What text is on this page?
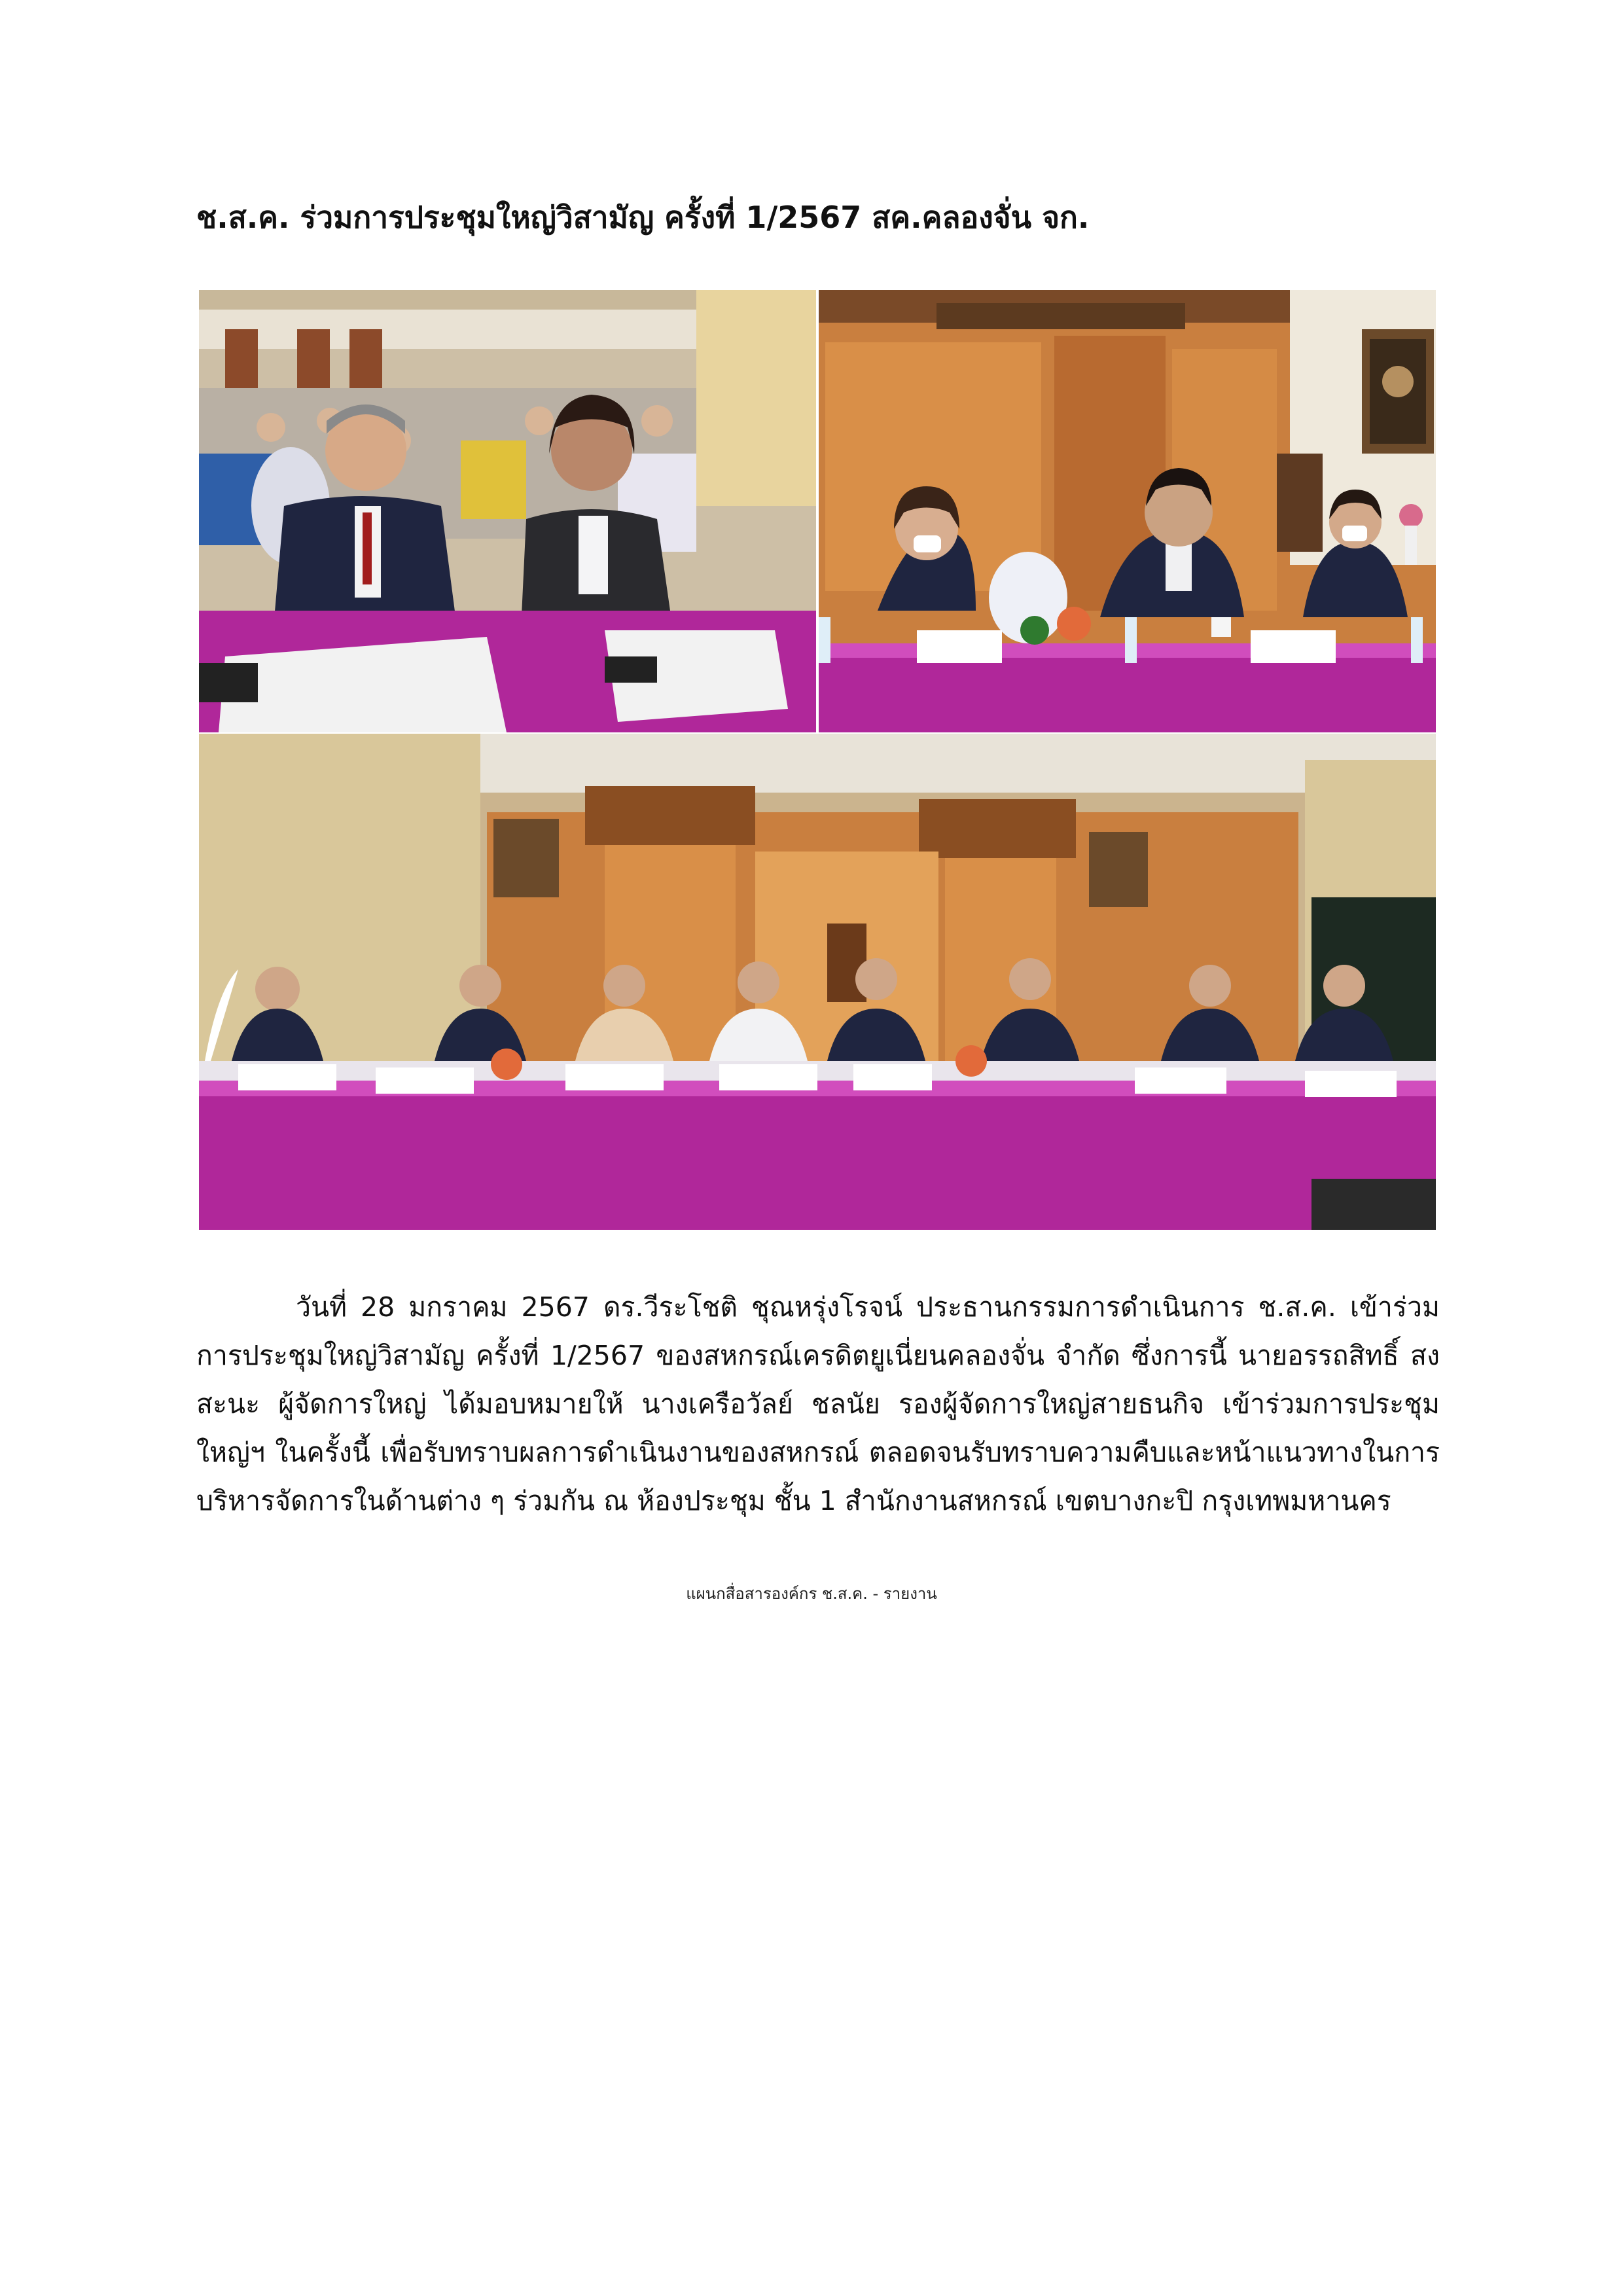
ช.ส.ค. ร่วมการประชุมใหญ่วิสามัญ ครั้งที่ 1/2567 สค.คลองจั่น จก.

วันที่ 28 มกราคม 2567 ดร.วีระโชติ ชุณหรุ่งโรจน์ ประธานกรรมการดำเนินการ ช.ส.ค. เข้าร่วมการประชุมใหญ่วิสามัญ ครั้งที่ 1/2567 ของสหกรณ์เครดิตยูเนี่ยนคลองจั่น จำกัด ซึ่งการนี้ นายอรรถสิทธิ์ สงสะนะ ผู้จัดการใหญ่ ได้มอบหมายให้ นางเครือวัลย์ ชลนัย รองผู้จัดการใหญ่สายธนกิจ เข้าร่วมการประชุมใหญ่ฯ ในครั้งนี้ เพื่อรับทราบผลการดำเนินงานของสหกรณ์ ตลอดจนรับทราบความคืบและหน้าแนวทางในการบริหารจัดการในด้านต่าง ๆ ร่วมกัน ณ ห้องประชุม ชั้น 1 สำนักงานสหกรณ์ เขตบางกะปิ กรุงเทพมหานคร

แผนกสื่อสารองค์กร ช.ส.ค. - รายงาน
